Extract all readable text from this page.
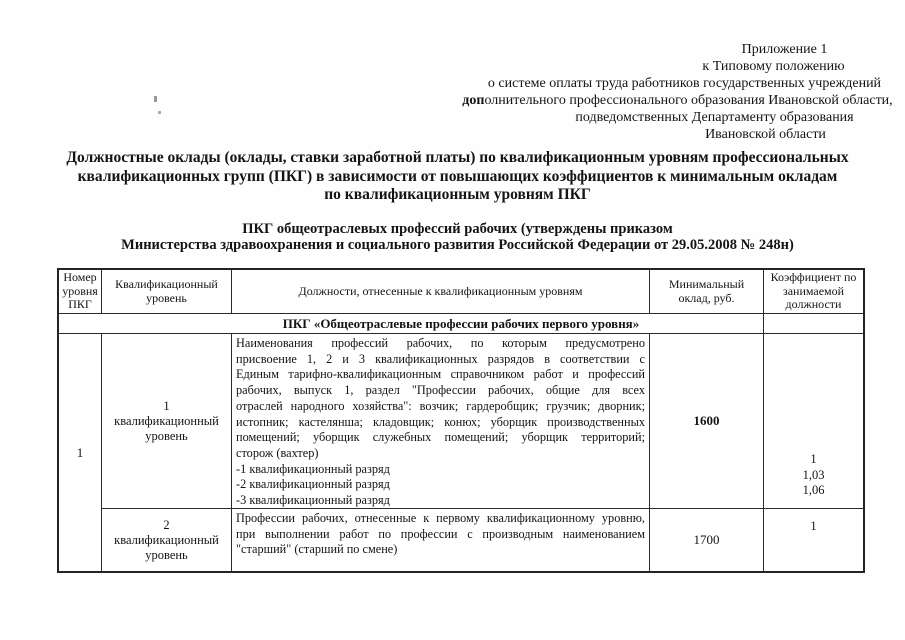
Приложение 1
к Типовому положению
о системе оплаты труда работников государственных учреждений
дополнительного профессионального образования Ивановской области,
подведомственных Департаменту образования
Ивановской области
Должностные оклады (оклады, ставки заработной платы) по квалификационным уровням профессиональных
квалификационных групп (ПКГ) в зависимости от повышающих коэффициентов к минимальным окладам
по квалификационным уровням ПКГ
ПКГ общеотраслевых профессий рабочих (утверждены приказом
Министерства здравоохранения и социального развития Российской Федерации от 29.05.2008 № 248н)
Номер уровня ПКГ
Квалификационный уровень	Должности, отнесенные к квалификационным уровням	Минимальный оклад, руб.
Коэффициент по занимаемой должности
ПКГ «Общеотраслевые профессии рабочих первого уровня»
1
1
квалификационный
уровень
Наименования профессий рабочих, по которым предусмотрено
присвоение 1, 2 и 3 квалификационных разрядов в соответствии с
Единым тарифно-квалификационным справочником работ и профессий
рабочих, выпуск 1, раздел "Профессии рабочих, общие для всех
отраслей народного хозяйства": возчик; гардеробщик; грузчик; дворник;
истопник; кастелянша; кладовщик; конюх; уборщик производственных
помещений; уборщик служебных помещений; уборщик территорий;
сторож (вахтер)
-1 квалификационный разряд
-2 квалификационный разряд
-3 квалификационный разряд
1600
1
1,03
1,06
2
квалификационный
уровень
Профессии рабочих, отнесенные к первому квалификационному уровню,
при выполнении работ по профессии с производным наименованием
"старший" (старший по смене)
1700
1
